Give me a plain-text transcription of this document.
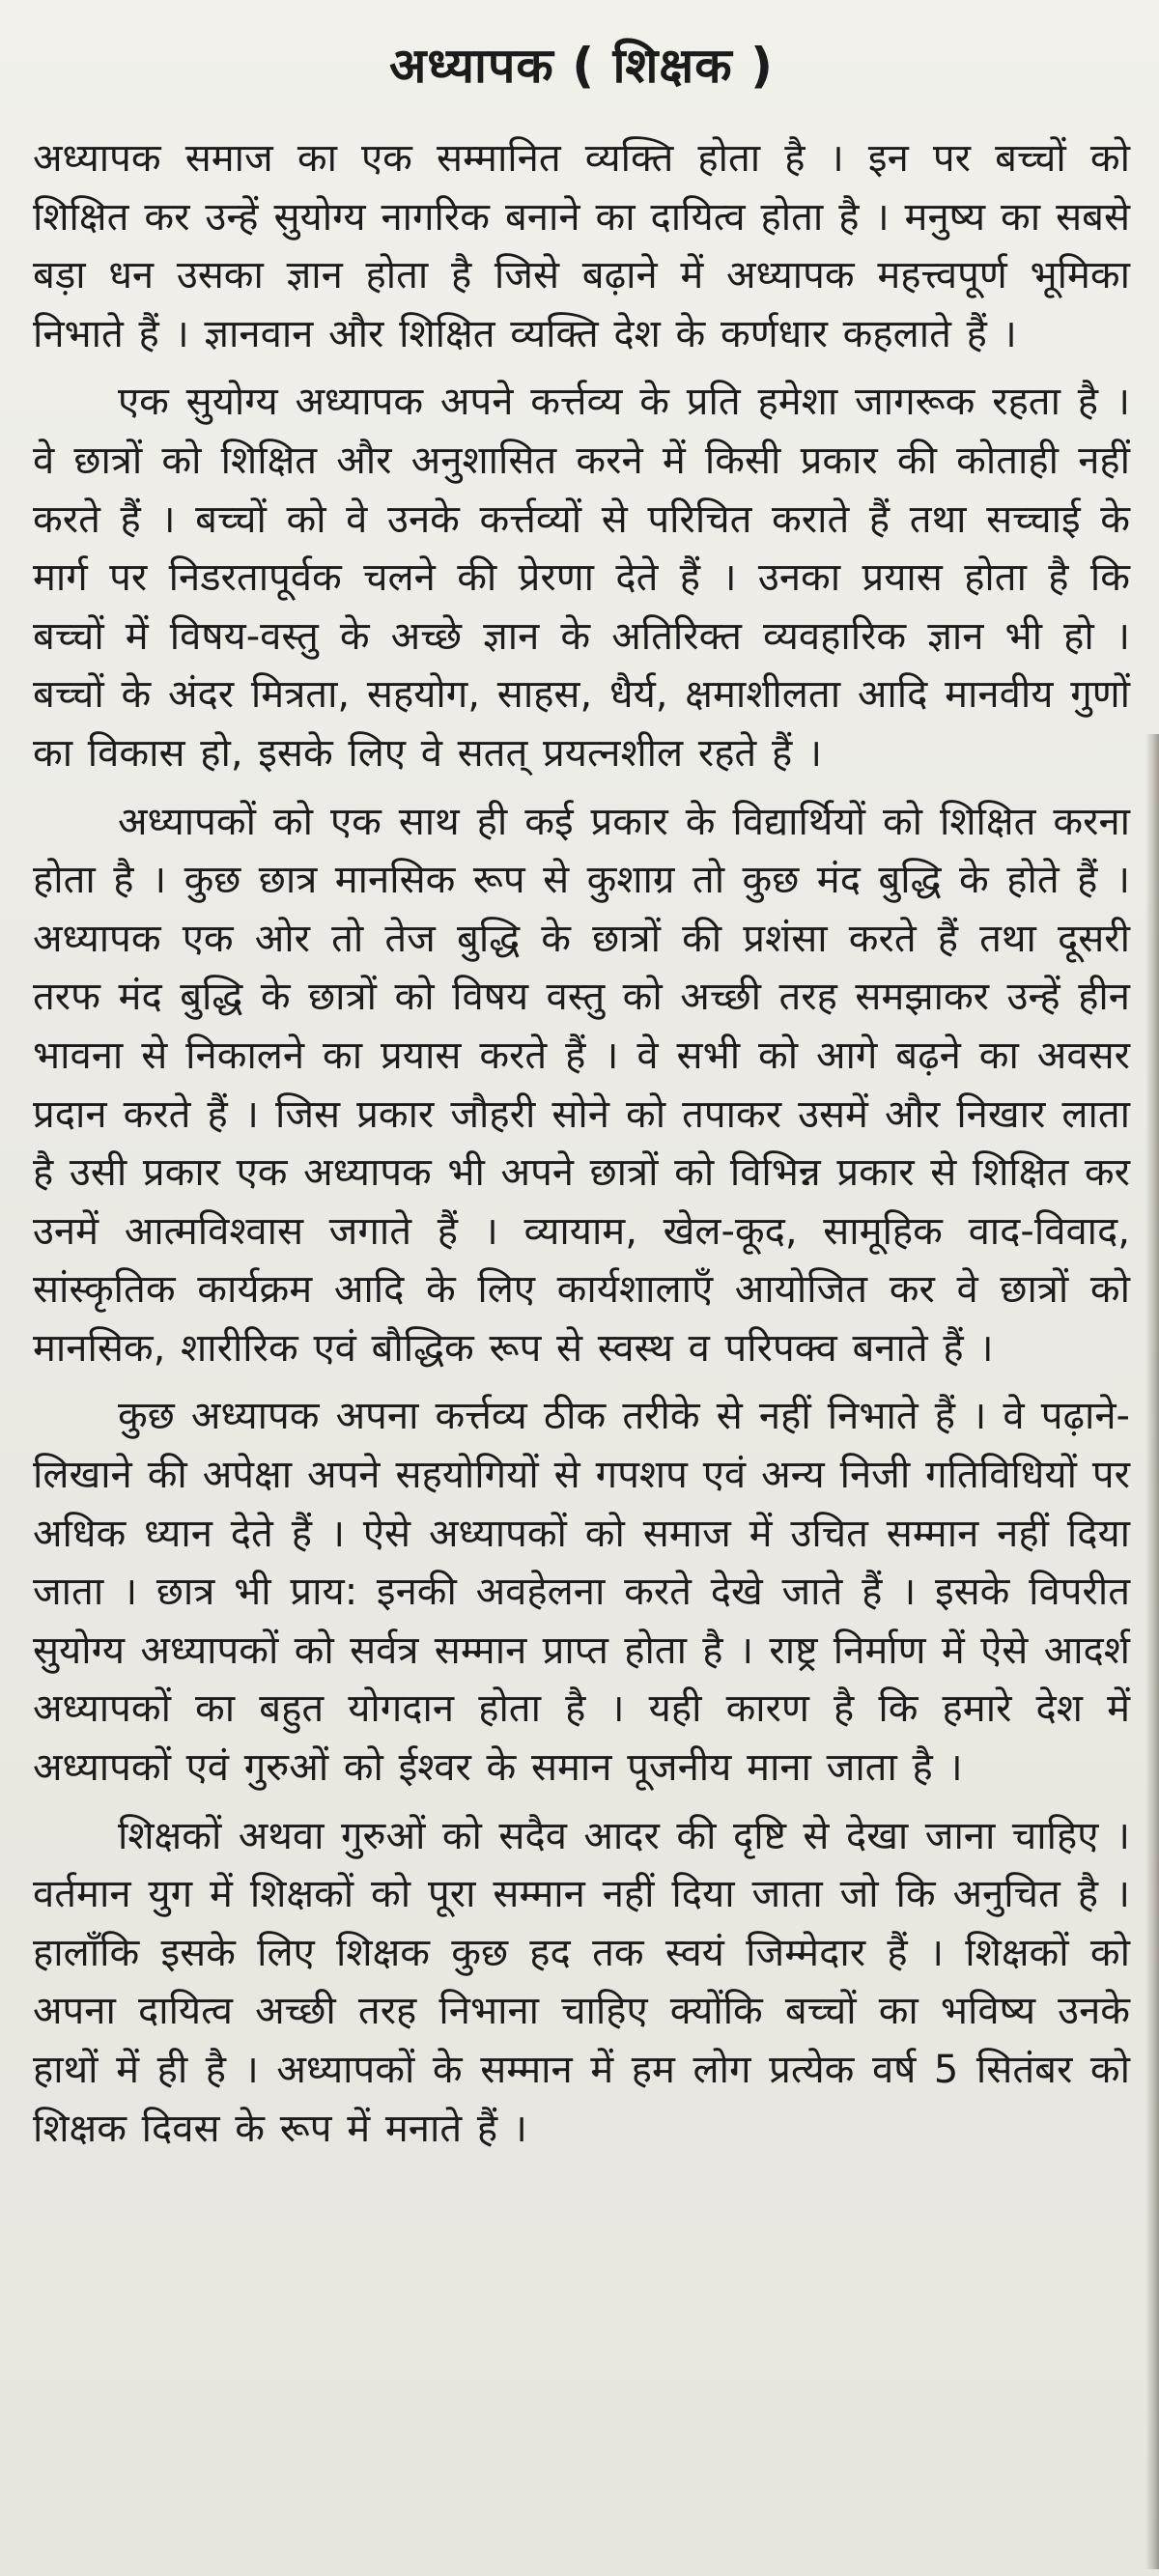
अध्यापक ( शिक्षक )

अध्यापक समाज का एक सम्मानित व्यक्ति होता है । इन पर बच्चों को शिक्षित कर उन्हें सुयोग्य नागरिक बनाने का दायित्व होता है । मनुष्य का सबसे बड़ा धन उसका ज्ञान होता है जिसे बढ़ाने में अध्यापक महत्त्वपूर्ण भूमिका निभाते हैं । ज्ञानवान और शिक्षित व्यक्ति देश के कर्णधार कहलाते हैं ।

एक सुयोग्य अध्यापक अपने कर्त्तव्य के प्रति हमेशा जागरूक रहता है । वे छात्रों को शिक्षित और अनुशासित करने में किसी प्रकार की कोताही नहीं करते हैं । बच्चों को वे उनके कर्त्तव्यों से परिचित कराते हैं तथा सच्चाई के मार्ग पर निडरतापूर्वक चलने की प्रेरणा देते हैं । उनका प्रयास होता है कि बच्चों में विषय-वस्तु के अच्छे ज्ञान के अतिरिक्त व्यवहारिक ज्ञान भी हो । बच्चों के अंदर मित्रता, सहयोग, साहस, धैर्य, क्षमाशीलता आदि मानवीय गुणों का विकास हो, इसके लिए वे सतत् प्रयत्नशील रहते हैं ।

अध्यापकों को एक साथ ही कई प्रकार के विद्यार्थियों को शिक्षित करना होता है । कुछ छात्र मानसिक रूप से कुशाग्र तो कुछ मंद बुद्धि के होते हैं । अध्यापक एक ओर तो तेज बुद्धि के छात्रों की प्रशंसा करते हैं तथा दूसरी तरफ मंद बुद्धि के छात्रों को विषय वस्तु को अच्छी तरह समझाकर उन्हें हीन भावना से निकालने का प्रयास करते हैं । वे सभी को आगे बढ़ने का अवसर प्रदान करते हैं । जिस प्रकार जौहरी सोने को तपाकर उसमें और निखार लाता है उसी प्रकार एक अध्यापक भी अपने छात्रों को विभिन्न प्रकार से शिक्षित कर उनमें आत्मविश्वास जगाते हैं । व्यायाम, खेल-कूद, सामूहिक वाद-विवाद, सांस्कृतिक कार्यक्रम आदि के लिए कार्यशालाएँ आयोजित कर वे छात्रों को मानसिक, शारीरिक एवं बौद्धिक रूप से स्वस्थ व परिपक्व बनाते हैं ।

कुछ अध्यापक अपना कर्त्तव्य ठीक तरीके से नहीं निभाते हैं । वे पढ़ाने-लिखाने की अपेक्षा अपने सहयोगियों से गपशप एवं अन्य निजी गतिविधियों पर अधिक ध्यान देते हैं । ऐसे अध्यापकों को समाज में उचित सम्मान नहीं दिया जाता । छात्र भी प्राय: इनकी अवहेलना करते देखे जाते हैं । इसके विपरीत सुयोग्य अध्यापकों को सर्वत्र सम्मान प्राप्त होता है । राष्ट्र निर्माण में ऐसे आदर्श अध्यापकों का बहुत योगदान होता है । यही कारण है कि हमारे देश में अध्यापकों एवं गुरुओं को ईश्वर के समान पूजनीय माना जाता है ।

शिक्षकों अथवा गुरुओं को सदैव आदर की दृष्टि से देखा जाना चाहिए । वर्तमान युग में शिक्षकों को पूरा सम्मान नहीं दिया जाता जो कि अनुचित है । हालाँकि इसके लिए शिक्षक कुछ हद तक स्वयं जिम्मेदार हैं । शिक्षकों को अपना दायित्व अच्छी तरह निभाना चाहिए क्योंकि बच्चों का भविष्य उनके हाथों में ही है । अध्यापकों के सम्मान में हम लोग प्रत्येक वर्ष 5 सितंबर को शिक्षक दिवस के रूप में मनाते हैं ।
